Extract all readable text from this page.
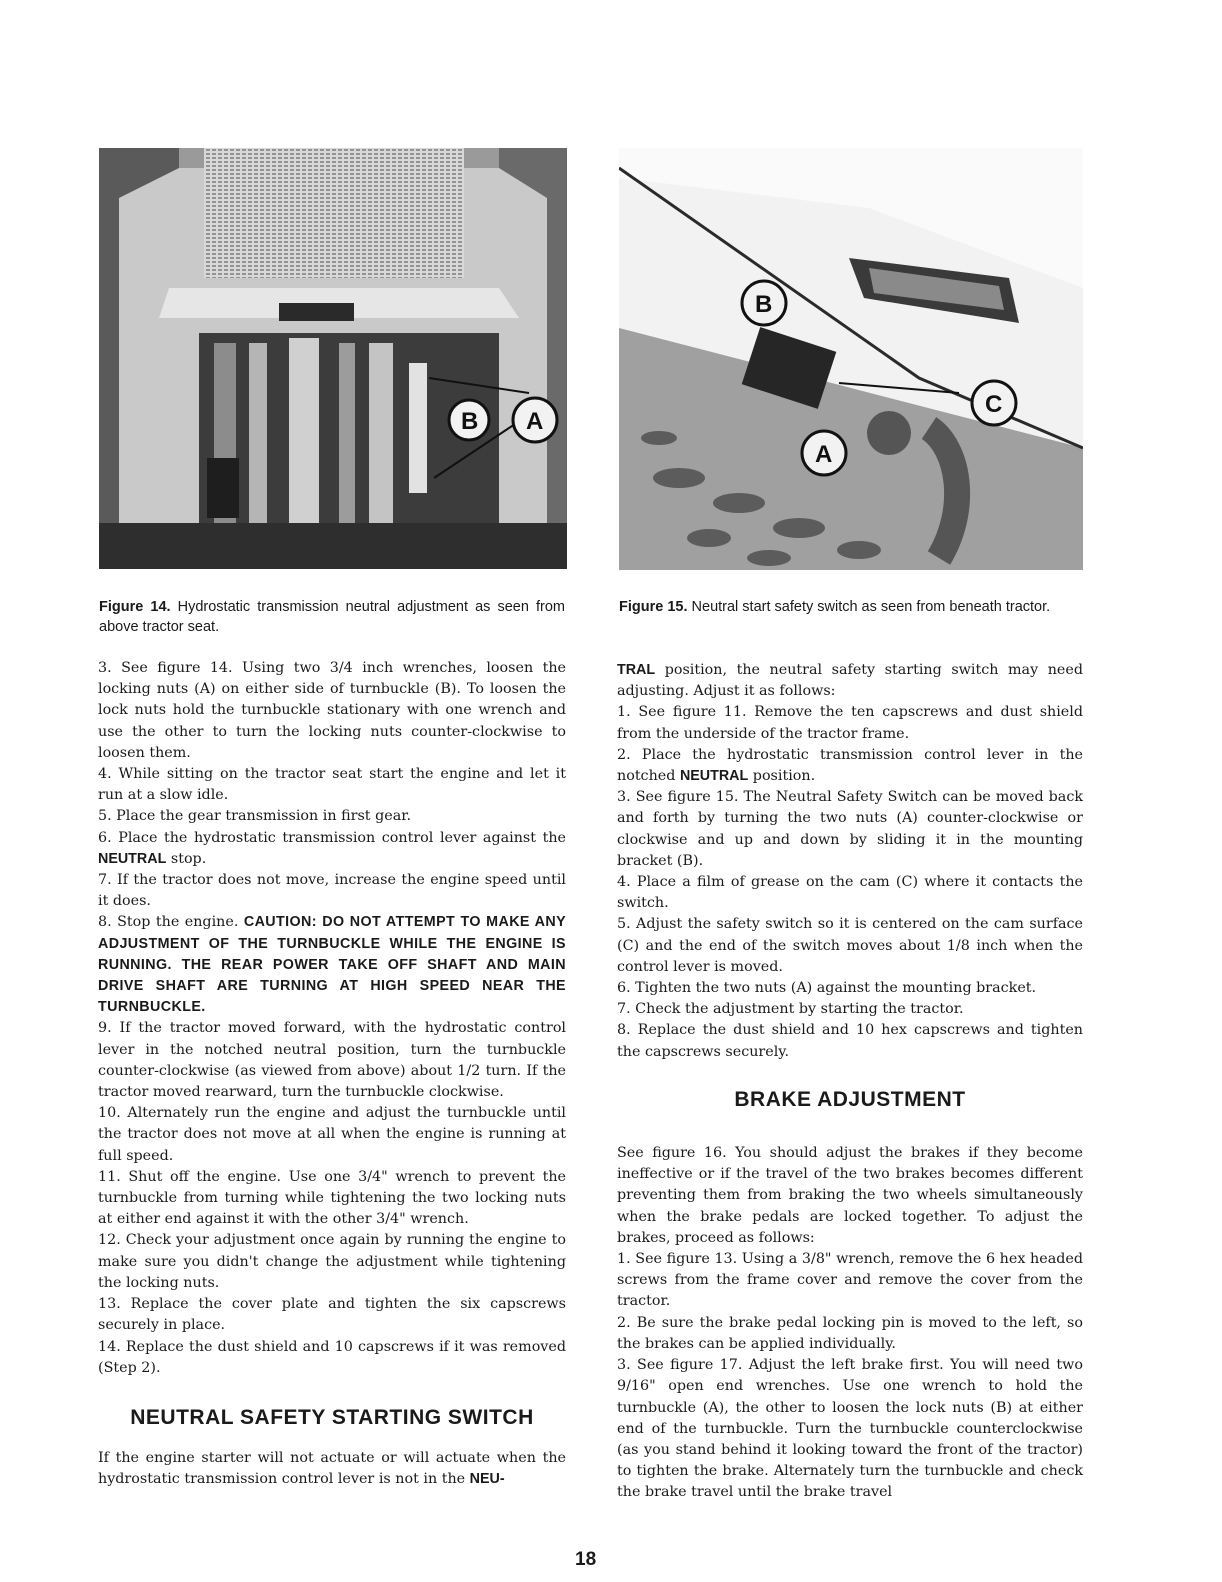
B A
B
C
A
Figure 14. Hydrostatic transmission neutral adjustment as seen from above tractor seat.
Figure 15. Neutral start safety switch as seen from beneath tractor.

3. See figure 14. Using two 3/4 inch wrenches, loosen the locking nuts (A) on either side of turnbuckle (B). To loosen the lock nuts hold the turnbuckle stationary with one wrench and use the other to turn the locking nuts counter-clockwise to loosen them.

4. While sitting on the tractor seat start the engine and let it run at a slow idle.

5. Place the gear transmission in first gear.

6. Place the hydrostatic transmission control lever against the NEUTRAL stop.

7. If the tractor does not move, increase the engine speed until it does.

8. Stop the engine. CAUTION: DO NOT ATTEMPT TO MAKE ANY ADJUSTMENT OF THE TURNBUCKLE WHILE THE ENGINE IS RUNNING. THE REAR POWER TAKE OFF SHAFT AND MAIN DRIVE SHAFT ARE TURNING AT HIGH SPEED NEAR THE TURNBUCKLE.

9. If the tractor moved forward, with the hydrostatic control lever in the notched neutral position, turn the turnbuckle counter-clockwise (as viewed from above) about 1/2 turn. If the tractor moved rearward, turn the turnbuckle clockwise.

10. Alternately run the engine and adjust the turnbuckle until the tractor does not move at all when the engine is running at full speed.

11. Shut off the engine. Use one 3/4" wrench to prevent the turnbuckle from turning while tightening the two locking nuts at either end against it with the other 3/4" wrench.

12. Check your adjustment once again by running the engine to make sure you didn't change the adjustment while tightening the locking nuts.

13. Replace the cover plate and tighten the six capscrews securely in place.

14. Replace the dust shield and 10 capscrews if it was removed (Step 2).

NEUTRAL SAFETY STARTING SWITCH

If the engine starter will not actuate or will actuate when the hydrostatic transmission control lever is not in the NEU-

TRAL position, the neutral safety starting switch may need adjusting. Adjust it as follows:

1. See figure 11. Remove the ten capscrews and dust shield from the underside of the tractor frame.

2. Place the hydrostatic transmission control lever in the notched NEUTRAL position.

3. See figure 15. The Neutral Safety Switch can be moved back and forth by turning the two nuts (A) counter-clockwise or clockwise and up and down by sliding it in the mounting bracket (B).

4. Place a film of grease on the cam (C) where it contacts the switch.

5. Adjust the safety switch so it is centered on the cam surface (C) and the end of the switch moves about 1/8 inch when the control lever is moved.

6. Tighten the two nuts (A) against the mounting bracket.

7. Check the adjustment by starting the tractor.

8. Replace the dust shield and 10 hex capscrews and tighten the capscrews securely.

BRAKE ADJUSTMENT

See figure 16. You should adjust the brakes if they become ineffective or if the travel of the two brakes becomes different preventing them from braking the two wheels simultaneously when the brake pedals are locked together. To adjust the brakes, proceed as follows:

1. See figure 13. Using a 3/8" wrench, remove the 6 hex headed screws from the frame cover and remove the cover from the tractor.

2. Be sure the brake pedal locking pin is moved to the left, so the brakes can be applied individually.

3. See figure 17. Adjust the left brake first. You will need two 9/16" open end wrenches. Use one wrench to hold the turnbuckle (A), the other to loosen the lock nuts (B) at either end of the turnbuckle. Turn the turnbuckle counterclockwise (as you stand behind it looking toward the front of the tractor) to tighten the brake. Alternately turn the turnbuckle and check the brake travel until the brake travel

18
